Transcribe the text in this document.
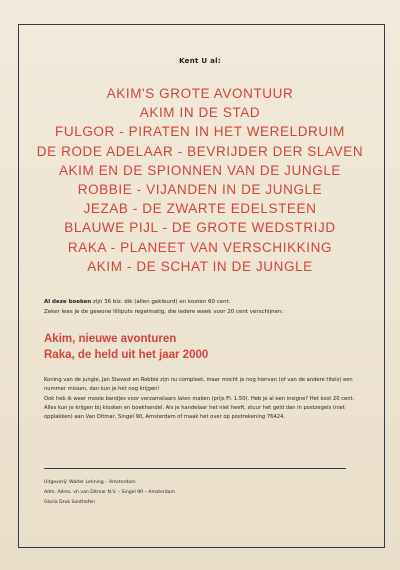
Kent U al:
AKIM'S GROTE AVONTUUR
AKIM IN DE STAD
FULGOR - PIRATEN IN HET WERELDRUIM
DE RODE ADELAAR - BEVRIJDER DER SLAVEN
AKIM EN DE SPIONNEN VAN DE JUNGLE
ROBBIE - VIJANDEN IN DE JUNGLE
JEZAB - DE ZWARTE EDELSTEEN
BLAUWE PIJL - DE GROTE WEDSTRIJD
RAKA - PLANEET VAN VERSCHIKKING
AKIM - DE SCHAT IN DE JUNGLE
Al deze boeken zijn 36 blz. dik (allen gekleurd) en kosten 60 cent.
Zeker lees je de gewone lilliputs regelmatig, die iedere week voor 20 cent verschijnen:
Akim, nieuwe avonturen
Raka, de held uit het jaar 2000

Koning van de jungle, Jan Stavast en Robbie zijn nu compleet, maar mocht je nog hiervan (of van de andere titels) een nummer missen, dan kun je het nog krijgen!

Ook heb ik weer mooie bandjes voor verzamelaars laten maken (prijs Fl. 1.50). Heb je al een insigne? Het kost 20 cent.

Alles kun je krijgen bij kiosken en boekhandel. Als je handelaar het niet heeft, stuur het geld dan in postzegels (niet opplakken) aan Van Ditmar, Singel 90, Amsterdam of maak het over op postrekening 76424.

Uitgeverij: Walter Lehning – Amsterdam
Adm. Adres. vh van Ditmar N.V. – Singel 90 – Amsterdam
Gloria Druk Sonthofen
